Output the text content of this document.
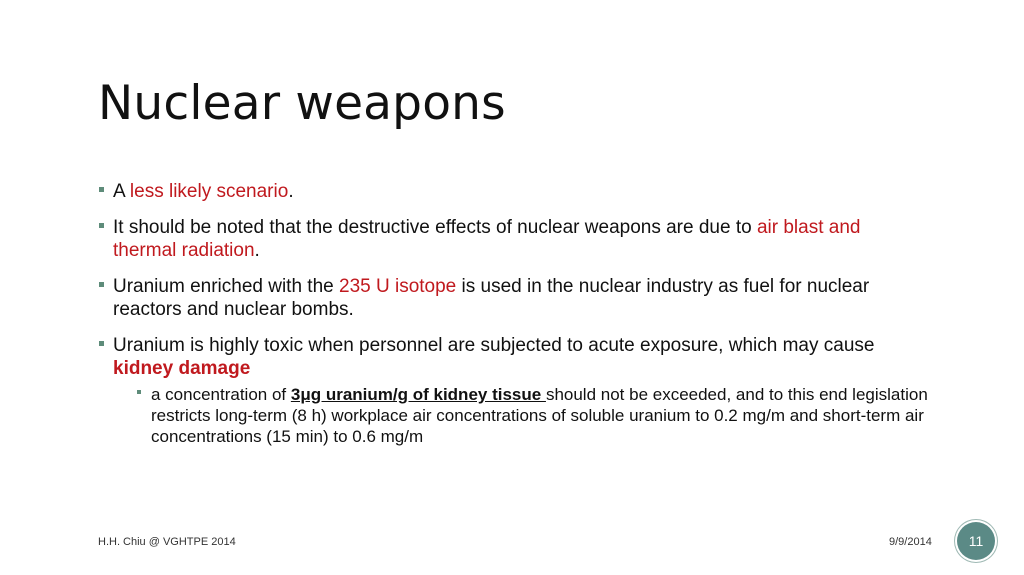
Nuclear weapons
A less likely scenario.
It should be noted that the destructive effects of nuclear weapons are due to air blast and thermal radiation.
Uranium enriched with the 235 U isotope is used in the nuclear industry as fuel for nuclear reactors and nuclear bombs.
Uranium is highly toxic when personnel are subjected to acute exposure, which may cause kidney damage
a concentration of 3μg uranium/g of kidney tissue should not be exceeded, and to this end legislation restricts long-term (8 h) workplace air concentrations of soluble uranium to 0.2 mg/m and short-term air concentrations (15 min) to 0.6 mg/m
H.H. Chiu @ VGHTPE 2014	9/9/2014	11
